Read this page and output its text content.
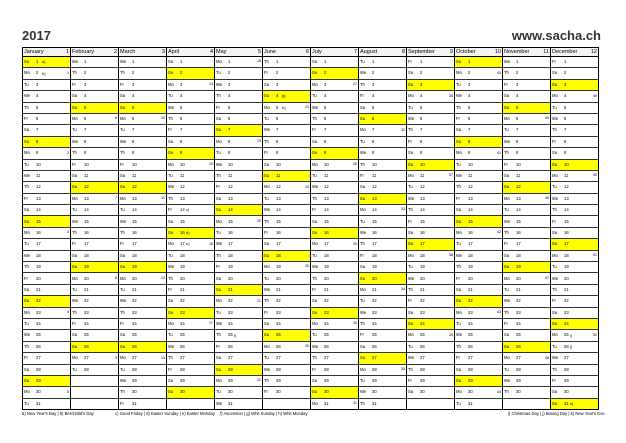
2017	www.sacha.ch
January	1
Su	1 a)
Mo	2 b)	1
Tu	3
We	4
Th	5
Fr	6
Sa	7
Su	8
Mo	9	2
Tu	10
We	11
Th	12
Fr	13
Sa	14
Su	15
Mo	16	3
Tu	17
We	18
Th	19
Fr	20
Sa	21
Su	22
Mo	23	4
Tu	24
We	25
Th	26
Fr	27
Sa	28
Su	29
Mo	30	5
Tu	31
February	2
We	1
Th	2
Fr	3
Sa	4
Su	5
Mo	6	6
Tu	7
We	8
Th	9
Fr	10
Sa	11
Su	12
Mo	13	7
Tu	14
We	15
Th	16
Fr	17
Sa	18
Su	19
Mo	20	8
Tu	21
We	22
Th	23
Fr	24
Sa	25
Su	26
Mo	27	9
Tu	28
March	3
We	1
Th	2
Fr	3
Sa	4
Su	5
Mo	6	10
Tu	7
We	8
Th	9
Fr	10
Sa	11
Su	12
Mo	13	11
Tu	14
We	15
Th	16
Fr	17
Sa	18
Su	19
Mo	20	12
Tu	21
We	22
Th	23
Fr	24
Sa	25
Su	26
Mo	27	13
Tu	28
We	29
Th	30
Fr	31
April	4
Sa	1
Su	2
Mo	3	14
Tu	4
We	5
Th	6
Fr	7
Sa	8
Su	9
Mo	10	15
Tu	11
We	12
Th	13
Fr	14 c)
Sa	15
Su	16 d)
Mo	17 e)	16
Tu	18
We	19
Th	20
Fr	21
Sa	22
Su	23
Mo	24	17
Tu	25
We	26
Th	27
Fr	28
Sa	29
Su	30
May	5
Mo	1	18
Tu	2
We	3
Th	4
Fr	5
Sa	6
Su	7
Mo	8	19
Tu	9
We	10
Th	11
Fr	12
Sa	13
Su	14
Mo	15	20
Tu	16
We	17
Th	18
Fr	19
Sa	20
Su	21
Mo	22	21
Tu	23
We	24
Th	25 f)
Fr	26
Sa	27
Su	28
Mo	29	22
Tu	30
We	31
June	6
Th	1
Fr	2
Sa	3
Su	4 g)
Mo	5 h)	23
Tu	6
We	7
Th	8
Fr	9
Sa	10
Su	11
Mo	12	24
Tu	13
We	14
Th	15
Fr	16
Sa	17
Su	18
Mo	19	25
Tu	20
We	21
Th	22
Fr	23
Sa	24
Su	25
Mo	26	26
Tu	27
We	28
Th	29
Fr	30
July	7
Sa	1
Su	2
Mo	3	27
Tu	4
We	5
Th	6
Fr	7
Sa	8
Su	9
Mo	10	28
Tu	11
We	12
Th	13
Fr	14
Sa	15
Su	16
Mo	17	29
Tu	18
We	19
Th	20
Fr	21
Sa	22
Su	23
Mo	24	30
Tu	25
We	26
Th	27
Fr	28
Sa	29
Su	30
Mo	31	31
August	8
Tu	1
We	2
Th	3
Fr	4
Sa	5
Su	6
Mo	7	32
Tu	8
We	9
Th	10
Fr	11
Sa	12
Su	13
Mo	14	33
Tu	15
We	16
Th	17
Fr	18
Sa	19
Su	20
Mo	21	34
Tu	22
We	23
Th	24
Fr	25
Sa	26
Su	27
Mo	28	35
Tu	29
We	30
Th	31
September	9
Fr	1
Sa	2
Su	3
Mo	4	36
Tu	5
We	6
Th	7
Fr	8
Sa	9
Su	10
Mo	11	37
Tu	12
We	13
Th	14
Fr	15
Sa	16
Su	17
Mo	18	38
Tu	19
We	20
Th	21
Fr	22
Sa	23
Su	24
Mo	25	39
Tu	26
We	27
Th	28
Fr	29
Sa	30
October	10
Su	1
Mo	2	40
Tu	3
We	4
Th	5
Fr	6
Sa	7
Su	8
Mo	9	41
Tu	10
We	11
Th	12
Fr	13
Sa	14
Su	15
Mo	16	42
Tu	17
We	18
Th	19
Fr	20
Sa	21
Su	22
Mo	23	43
Tu	24
We	25
Th	26
Fr	27
Sa	28
Su	29
Mo	30	44
Tu	31
November	11
We	1
Th	2
Fr	3
Sa	4
Su	5
Mo	6	45
Tu	7
We	8
Th	9
Fr	10
Sa	11
Su	12
Mo	13	46
Tu	14
We	15
Th	16
Fr	17
Sa	18
Su	19
Mo	20	47
Tu	21
We	22
Th	23
Fr	24
Sa	25
Su	26
Mo	27	48
Tu	28
We	29
Th	30
December 12
Fr	1
Sa	2
Su	3
Mo	4	49
Tu	5
We	6
Th	7
Fr	8
Sa	9
Su	10
Mo	11	50
Tu	12
We	13
Th	14
Fr	15
Sa	16
Su	17
Mo	18	51
Tu	19
We	20
Th	21
Fr	22
Sa	23
Su	24
Mo	25 i)	52
Tu	26 j)
We	27
Th	28
Fr	29
Sa	30
Su	31 k)
a) New Year's Day | b) Berchtold's Day	c) Good Friday | d) Easter Sunday | e) Easter Monday f) Ascension | g) Whit Sunday | h) Whit Monday	i) Christmas Day | j) Boxing Day | k) New Year's Eve
